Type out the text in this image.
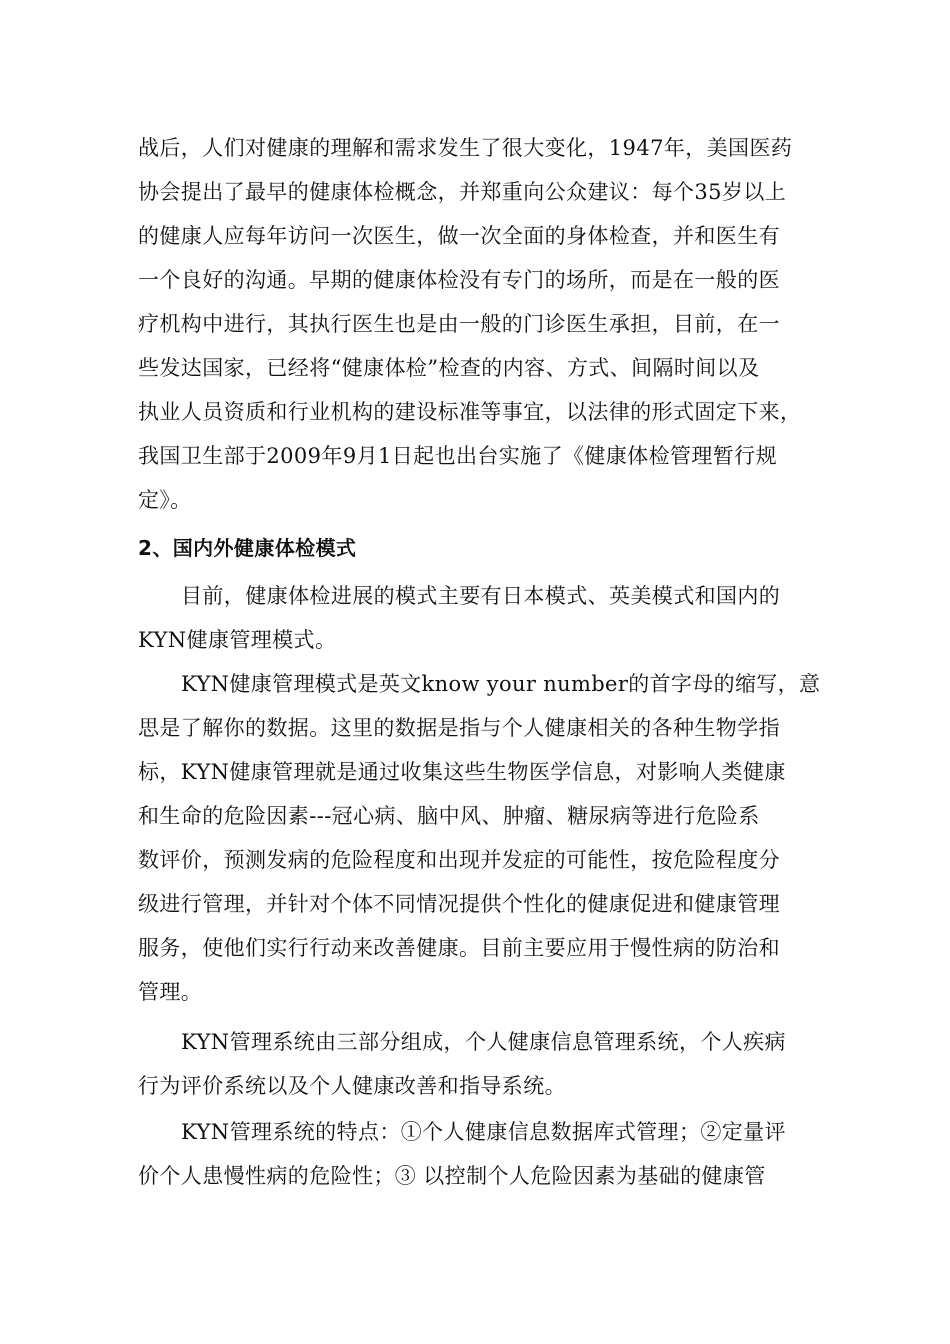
战后，人们对健康的理解和需求发生了很大变化，1947年，美国医药
协会提出了最早的健康体检概念，并郑重向公众建议：每个35岁以上
的健康人应每年访问一次医生，做一次全面的身体检查，并和医生有
一个良好的沟通。早期的健康体检没有专门的场所，而是在一般的医
疗机构中进行，其执行医生也是由一般的门诊医生承担，目前，在一
些发达国家，已经将“健康体检”检查的内容、方式、间隔时间以及
执业人员资质和行业机构的建设标准等事宜，以法律的形式固定下来，
我国卫生部于2009年9月1日起也出台实施了《健康体检管理暂行规
定》。
2、国内外健康体检模式
目前，健康体检进展的模式主要有日本模式、英美模式和国内的
KYN健康管理模式。
KYN健康管理模式是英文know your number的首字母的缩写，意
思是了解你的数据。这里的数据是指与个人健康相关的各种生物学指
标，KYN健康管理就是通过收集这些生物医学信息，对影响人类健康
和生命的危险因素---冠心病、脑中风、肿瘤、糖尿病等进行危险系
数评价，预测发病的危险程度和出现并发症的可能性，按危险程度分
级进行管理，并针对个体不同情况提供个性化的健康促进和健康管理
服务，使他们实行行动来改善健康。目前主要应用于慢性病的防治和
管理。
KYN管理系统由三部分组成，个人健康信息管理系统，个人疾病
行为评价系统以及个人健康改善和指导系统。
KYN管理系统的特点：①个人健康信息数据库式管理；②定量评
价个人患慢性病的危险性；③ 以控制个人危险因素为基础的健康管
